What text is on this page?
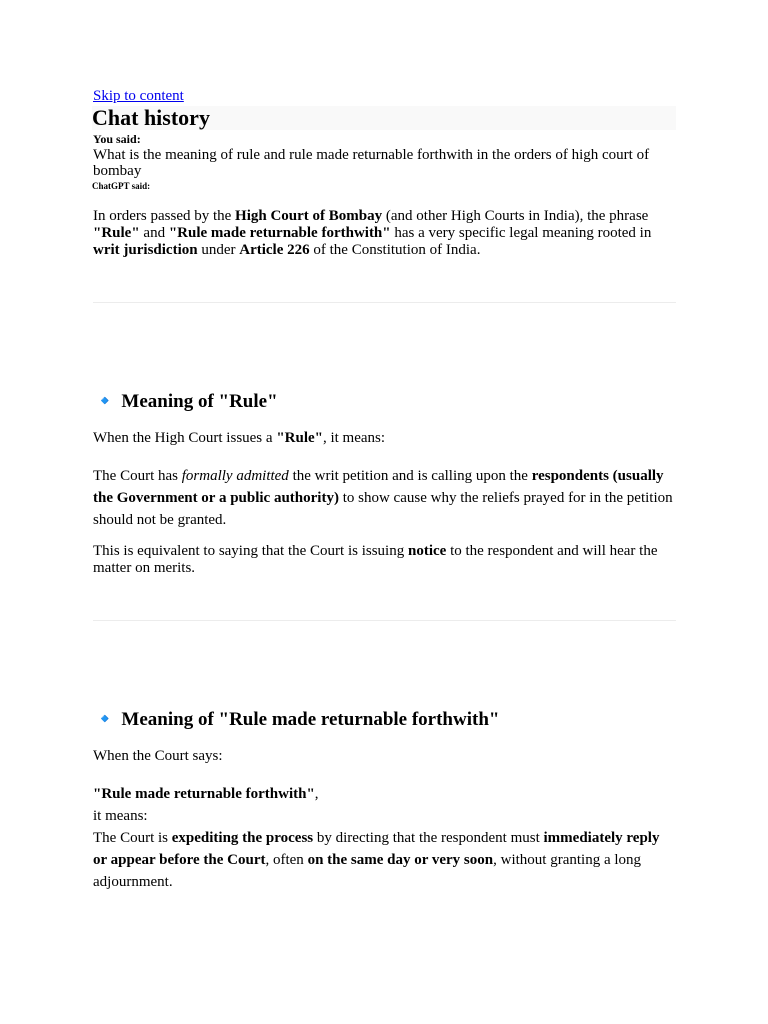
Skip to content
Chat history
You said:

What is the meaning of rule and rule made returnable forthwith in the orders of high court of bombay

ChatGPT said:

In orders passed by the High Court of Bombay (and other High Courts in India), the phrase "Rule" and "Rule made returnable forthwith" has a very specific legal meaning rooted in writ jurisdiction under Article 226 of the Constitution of India.

🔹 Meaning of "Rule"

When the High Court issues a "Rule", it means:

The Court has formally admitted the writ petition and is calling upon the respondents (usually the Government or a public authority) to show cause why the reliefs prayed for in the petition should not be granted.

This is equivalent to saying that the Court is issuing notice to the respondent and will hear the matter on merits.

🔹 Meaning of "Rule made returnable forthwith"

When the Court says:

"Rule made returnable forthwith",
it means:
The Court is expediting the process by directing that the respondent must immediately reply or appear before the Court, often on the same day or very soon, without granting a long adjournment.
